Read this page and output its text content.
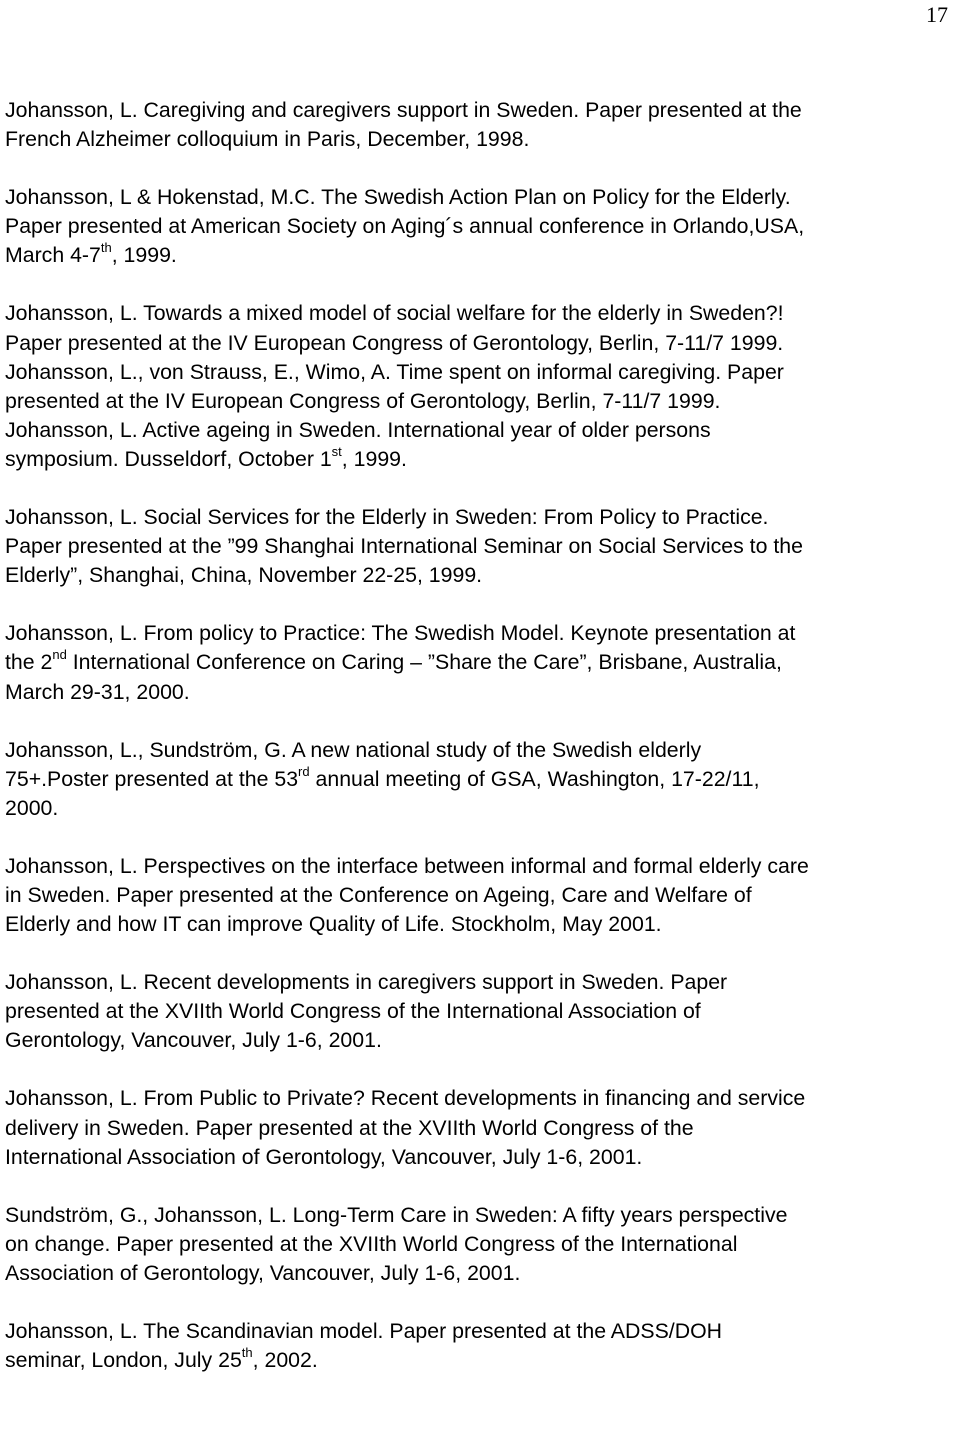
17
Johansson, L. Caregiving and caregivers support in Sweden. Paper presented at the
French Alzheimer colloquium in Paris, December, 1998.
Johansson, L & Hokenstad, M.C. The Swedish Action Plan on Policy for the Elderly.
Paper presented at American Society on Aging´s annual conference in Orlando,USA,
March 4-7th, 1999.
Johansson, L. Towards a mixed model of social welfare for the elderly in Sweden?!
Paper presented at the IV European Congress of Gerontology, Berlin, 7-11/7 1999.
Johansson, L., von Strauss, E., Wimo, A. Time spent on informal caregiving. Paper
presented at the IV European Congress of Gerontology, Berlin, 7-11/7 1999.
Johansson, L. Active ageing in Sweden. International year of older persons
symposium. Dusseldorf, October 1st, 1999.
Johansson, L. Social Services for the Elderly in Sweden: From Policy to Practice.
Paper presented at the ”99 Shanghai International Seminar on Social Services to the
Elderly”, Shanghai, China, November 22-25, 1999.
Johansson, L. From policy to Practice: The Swedish Model. Keynote presentation at
the 2nd International Conference on Caring – ”Share the Care”, Brisbane, Australia,
March 29-31, 2000.
Johansson, L., Sundström, G. A new national study of the Swedish elderly
75+.Poster presented at the 53rd annual meeting of GSA, Washington, 17-22/11,
2000.
Johansson, L. Perspectives on the interface between informal and formal elderly care
in Sweden. Paper presented at the Conference on Ageing, Care and Welfare of
Elderly and how IT can improve Quality of Life. Stockholm, May 2001.
Johansson, L. Recent developments in caregivers support in Sweden. Paper
presented at the XVIIth World Congress of the International Association of
Gerontology, Vancouver, July 1-6, 2001.
Johansson, L. From Public to Private? Recent developments in financing and service
delivery in Sweden. Paper presented at the XVIIth World Congress of the
International Association of Gerontology, Vancouver, July 1-6, 2001.
Sundström, G., Johansson, L. Long-Term Care in Sweden: A fifty years perspective
on change. Paper presented at the XVIIth World Congress of the International
Association of Gerontology, Vancouver, July 1-6, 2001.
Johansson, L. The Scandinavian model. Paper presented at the ADSS/DOH
seminar, London, July 25th, 2002.
